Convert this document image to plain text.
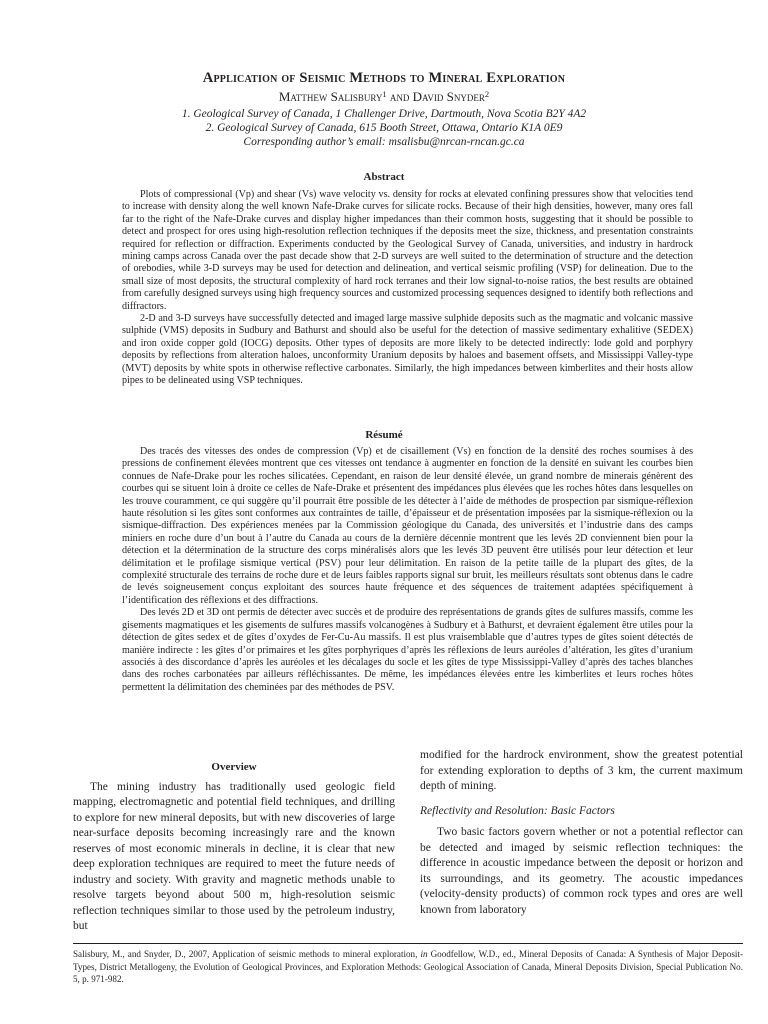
Application of Seismic Methods to Mineral Exploration
Matthew Salisbury$^1$ and David Snyder$^2$
1. Geological Survey of Canada, 1 Challenger Drive, Dartmouth, Nova Scotia B2Y 4A2
2. Geological Survey of Canada, 615 Booth Street, Ottawa, Ontario K1A 0E9
Corresponding author’s email: msalisbu@nrcan-rncan.gc.ca
Abstract

Plots of compressional (Vp) and shear (Vs) wave velocity vs. density for rocks at elevated confining pressures show that velocities tend to increase with density along the well known Nafe-Drake curves for silicate rocks. Because of their high densities, however, many ores fall far to the right of the Nafe-Drake curves and display higher impedances than their common hosts, suggesting that it should be possible to detect and prospect for ores using high-resolution reflection techniques if the deposits meet the size, thickness, and presentation constraints required for reflection or diffraction. Experiments conducted by the Geological Survey of Canada, universities, and industry in hardrock mining camps across Canada over the past decade show that 2-D surveys are well suited to the determination of structure and the detection of orebodies, while 3-D surveys may be used for detection and delineation, and vertical seismic profiling (VSP) for delineation. Due to the small size of most deposits, the structural complexity of hard rock terranes and their low signal-to-noise ratios, the best results are obtained from carefully designed surveys using high frequency sources and customized processing sequences designed to identify both reflections and diffractors.

2-D and 3-D surveys have successfully detected and imaged large massive sulphide deposits such as the magmatic and volcanic massive sulphide (VMS) deposits in Sudbury and Bathurst and should also be useful for the detection of massive sedimentary exhalitive (SEDEX) and iron oxide copper gold (IOCG) deposits. Other types of deposits are more likely to be detected indirectly: lode gold and porphyry deposits by reflections from alteration haloes, unconformity Uranium deposits by haloes and basement offsets, and Mississippi Valley-type (MVT) deposits by white spots in otherwise reflective carbonates. Similarly, the high impedances between kimberlites and their hosts allow pipes to be delineated using VSP techniques.

Résumé

Des tracés des vitesses des ondes de compression (Vp) et de cisaillement (Vs) en fonction de la densité des roches soumises à des pressions de confinement élevées montrent que ces vitesses ont tendance à augmenter en fonction de la densité en suivant les courbes bien connues de Nafe-Drake pour les roches silicatées. Cependant, en raison de leur densité élevée, un grand nombre de minerais génèrent des courbes qui se situent loin à droite ce celles de Nafe-Drake et présentent des impédances plus élevées que les roches hôtes dans lesquelles on les trouve couramment, ce qui suggère qu’il pourrait être possible de les détecter à l’aide de méthodes de prospection par sismique-réflexion haute résolution si les gîtes sont conformes aux contraintes de taille, d’épaisseur et de présentation imposées par la sismique-réflexion ou la sismique-diffraction. Des expériences menées par la Commission géologique du Canada, des universités et l’industrie dans des camps miniers en roche dure d’un bout à l’autre du Canada au cours de la dernière décennie montrent que les levés 2D conviennent bien pour la détection et la détermination de la structure des corps minéralisés alors que les levés 3D peuvent être utilisés pour leur détection et leur délimitation et le profilage sismique vertical (PSV) pour leur délimitation. En raison de la petite taille de la plupart des gîtes, de la complexité structurale des terrains de roche dure et de leurs faibles rapports signal sur bruit, les meilleurs résultats sont obtenus dans le cadre de levés soigneusement conçus exploitant des sources haute fréquence et des séquences de traitement adaptées spécifiquement à l’identification des réflexions et des diffractions.

Des levés 2D et 3D ont permis de détecter avec succès et de produire des représentations de grands gîtes de sulfures massifs, comme les gisements magmatiques et les gisements de sulfures massifs volcanogènes à Sudbury et à Bathurst, et devraient également être utiles pour la détection de gîtes sedex et de gîtes d’oxydes de Fer-Cu-Au massifs. Il est plus vraisemblable que d’autres types de gîtes soient détectés de manière indirecte : les gîtes d’or primaires et les gîtes porphyriques d’après les réflexions de leurs auréoles d’altération, les gîtes d’uranium associés à des discordance d’après les auréoles et les décalages du socle et les gîtes de type Mississippi-Valley d’après des taches blanches dans des roches carbonatées par ailleurs réfléchissantes. De même, les impédances élevées entre les kimberlites et leurs roches hôtes permettent la délimitation des cheminées par des méthodes de PSV.

Overview

The mining industry has traditionally used geologic field mapping, electromagnetic and potential field techniques, and drilling to explore for new mineral deposits, but with new discoveries of large near-surface deposits becoming increasingly rare and the known reserves of most economic minerals in decline, it is clear that new deep exploration techniques are required to meet the future needs of industry and society. With gravity and magnetic methods unable to resolve targets beyond about 500 m, high-resolution seismic reflection techniques similar to those used by the petroleum industry, but

modified for the hardrock environment, show the greatest potential for extending exploration to depths of 3 km, the current maximum depth of mining.

Reflectivity and Resolution: Basic Factors

Two basic factors govern whether or not a potential reflector can be detected and imaged by seismic reflection techniques: the difference in acoustic impedance between the deposit or horizon and its surroundings, and its geometry. The acoustic impedances (velocity-density products) of common rock types and ores are well known from laboratory

Salisbury, M., and Snyder, D., 2007, Application of seismic methods to mineral exploration, in Goodfellow, W.D., ed., Mineral Deposits of Canada: A Synthesis of Major Deposit-Types, District Metallogeny, the Evolution of Geological Provinces, and Exploration Methods: Geological Association of Canada, Mineral Deposits Division, Special Publication No. 5, p. 971-982.
